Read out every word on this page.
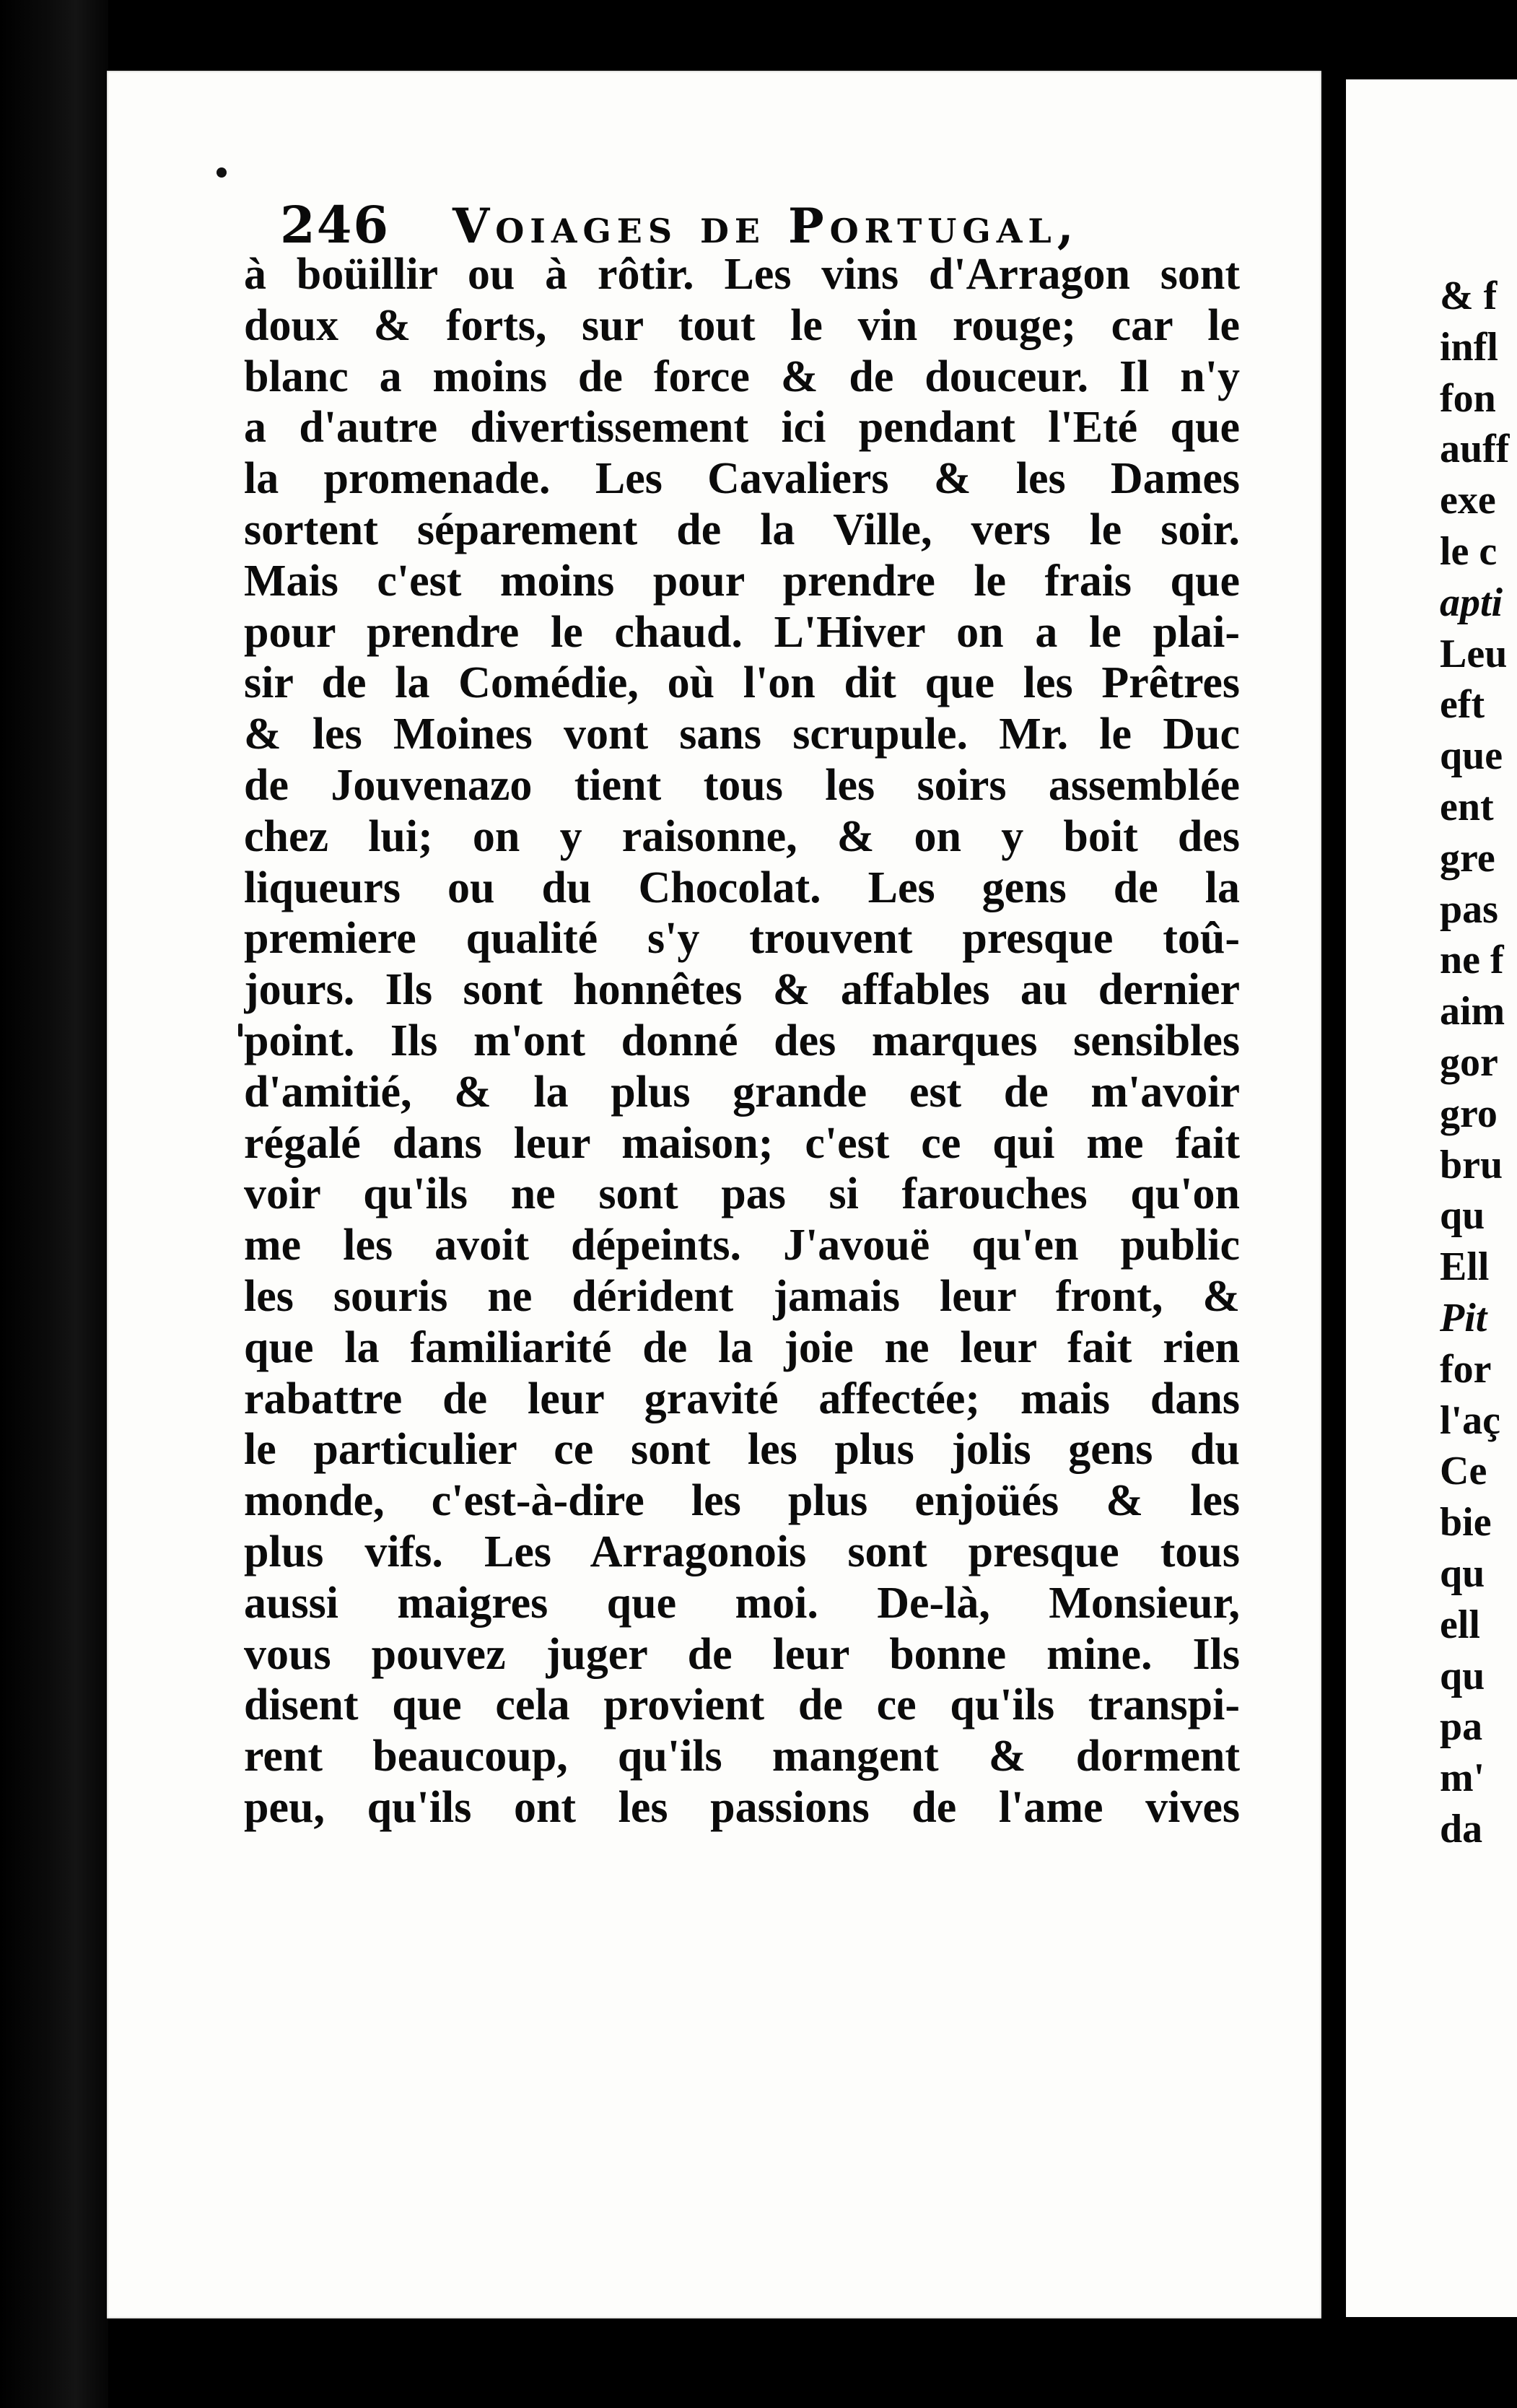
246 Voiages de Portugal,
à boüillir ou à rôtir. Les vins d'Arragon sont
doux & forts, sur tout le vin rouge; car le
blanc a moins de force & de douceur. Il n'y
a d'autre divertissement ici pendant l'Eté que
la promenade. Les Cavaliers & les Dames
sortent séparement de la Ville, vers le soir.
Mais c'est moins pour prendre le frais que
pour prendre le chaud. L'Hiver on a le plai-
sir de la Comédie, où l'on dit que les Prêtres
& les Moines vont sans scrupule. Mr. le Duc
de Jouvenazo tient tous les soirs assemblée
chez lui; on y raisonne, & on y boit des
liqueurs ou du Chocolat. Les gens de la
premiere qualité s'y trouvent presque toû-
jours. Ils sont honnêtes & affables au dernier
point. Ils m'ont donné des marques sensibles
d'amitié, & la plus grande est de m'avoir
régalé dans leur maison; c'est ce qui me fait
voir qu'ils ne sont pas si farouches qu'on
me les avoit dépeints. J'avouë qu'en public
les souris ne dérident jamais leur front, &
que la familiarité de la joie ne leur fait rien
rabattre de leur gravité affectée; mais dans
le particulier ce sont les plus jolis gens du
monde, c'est-à-dire les plus enjoüés & les
plus vifs. Les Arragonois sont presque tous
aussi maigres que moi. De-là, Monsieur,
vous pouvez juger de leur bonne mine. Ils
disent que cela provient de ce qu'ils transpi-
rent beaucoup, qu'ils mangent & dorment
peu, qu'ils ont les passions de l'ame vives
& f
infl
fon
auff
exe
le c
apti
Leu
eft
que
ent
gre
pas
ne f
aim
gor
gro
bru
qu
Ell
Pit
for
l'aç
Ce
bie
qu
ell
qu
pa
m'
da
